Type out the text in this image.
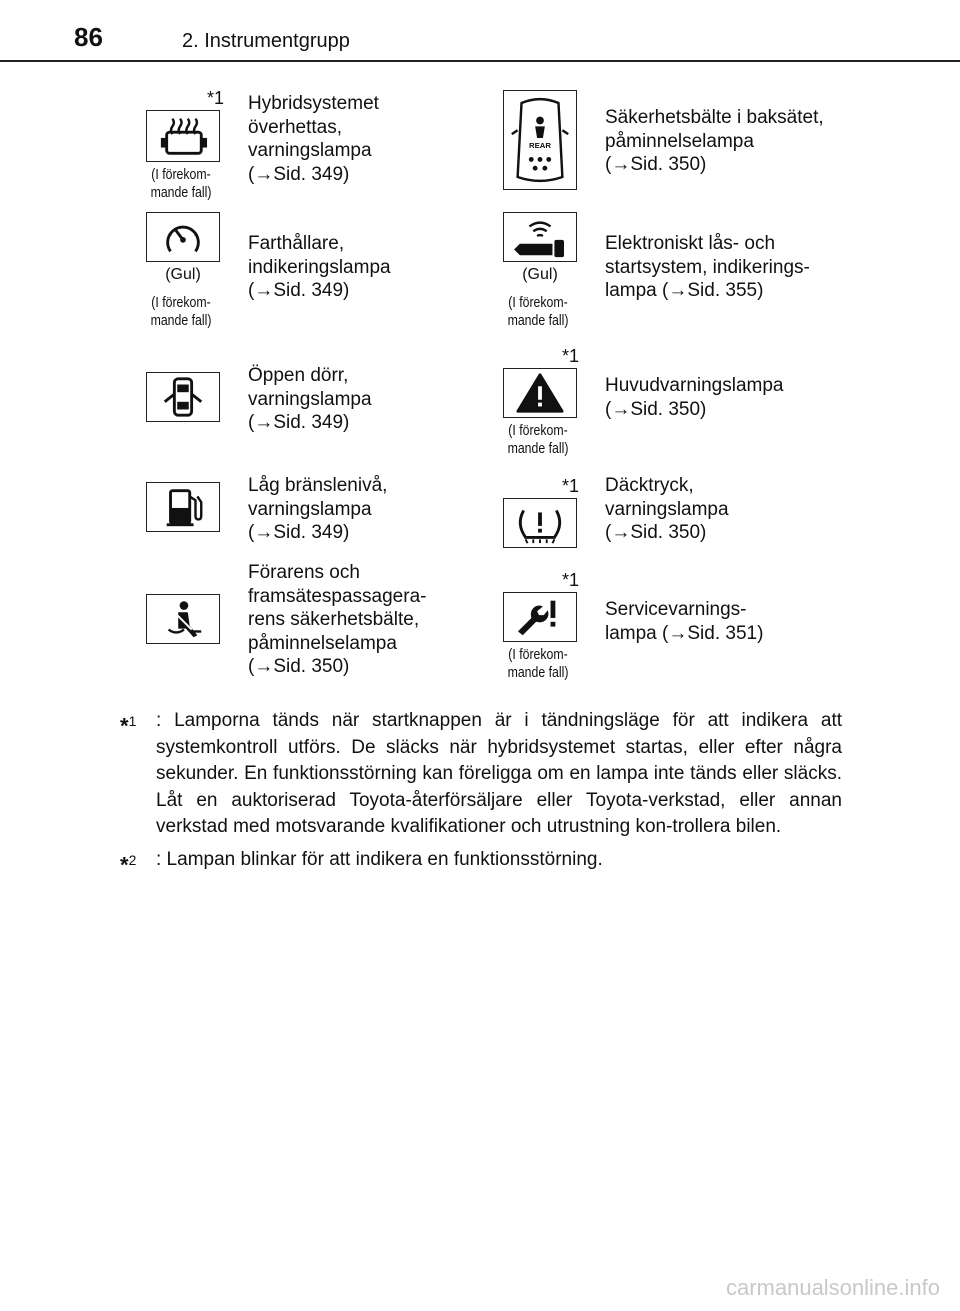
86	2. Instrumentgrupp
*1
(I förekom-
mande fall)
Hybridsystemet
överhettas,
varningslampa
(→Sid. 349)
REAR
Säkerhetsbälte i baksätet,
påminnelselampa
(→Sid. 350)
(Gul)
(I förekom-
mande fall)
Farthållare,
indikeringslampa
(→Sid. 349)
(Gul)
(I förekom-
mande fall)
Elektroniskt lås- och
startsystem, indikerings-
lampa (→Sid. 355)
Öppen dörr,
varningslampa
(→Sid. 349)
*1
(I förekom-
mande fall)
Huvudvarningslampa
(→Sid. 350)
Låg bränslenivå,
varningslampa
(→Sid. 349)
*1 Däcktryck,
varningslampa
(→Sid. 350)
Förarens och
framsätespassagera-
rens säkerhetsbälte,
påminnelselampa
(→Sid. 350)
*1
(I förekom-
mande fall)
Servicevarnings-
lampa (→Sid. 351)
*$^1$ : Lamporna tänds när startknappen är i tändningsläge för att indikera att systemkontroll utförs. De släcks när hybridsystemet startas, eller efter några sekunder. En funktionsstörning kan föreligga om en lampa inte tänds eller släcks. Låt en auktoriserad Toyota-återförsäljare eller Toyota-verkstad, eller annan verkstad med motsvarande kvalifikationer och utrustning kon-trollera bilen.
*$^2$ : Lampan blinkar för att indikera en funktionsstörning.
carmanualsonline.info
